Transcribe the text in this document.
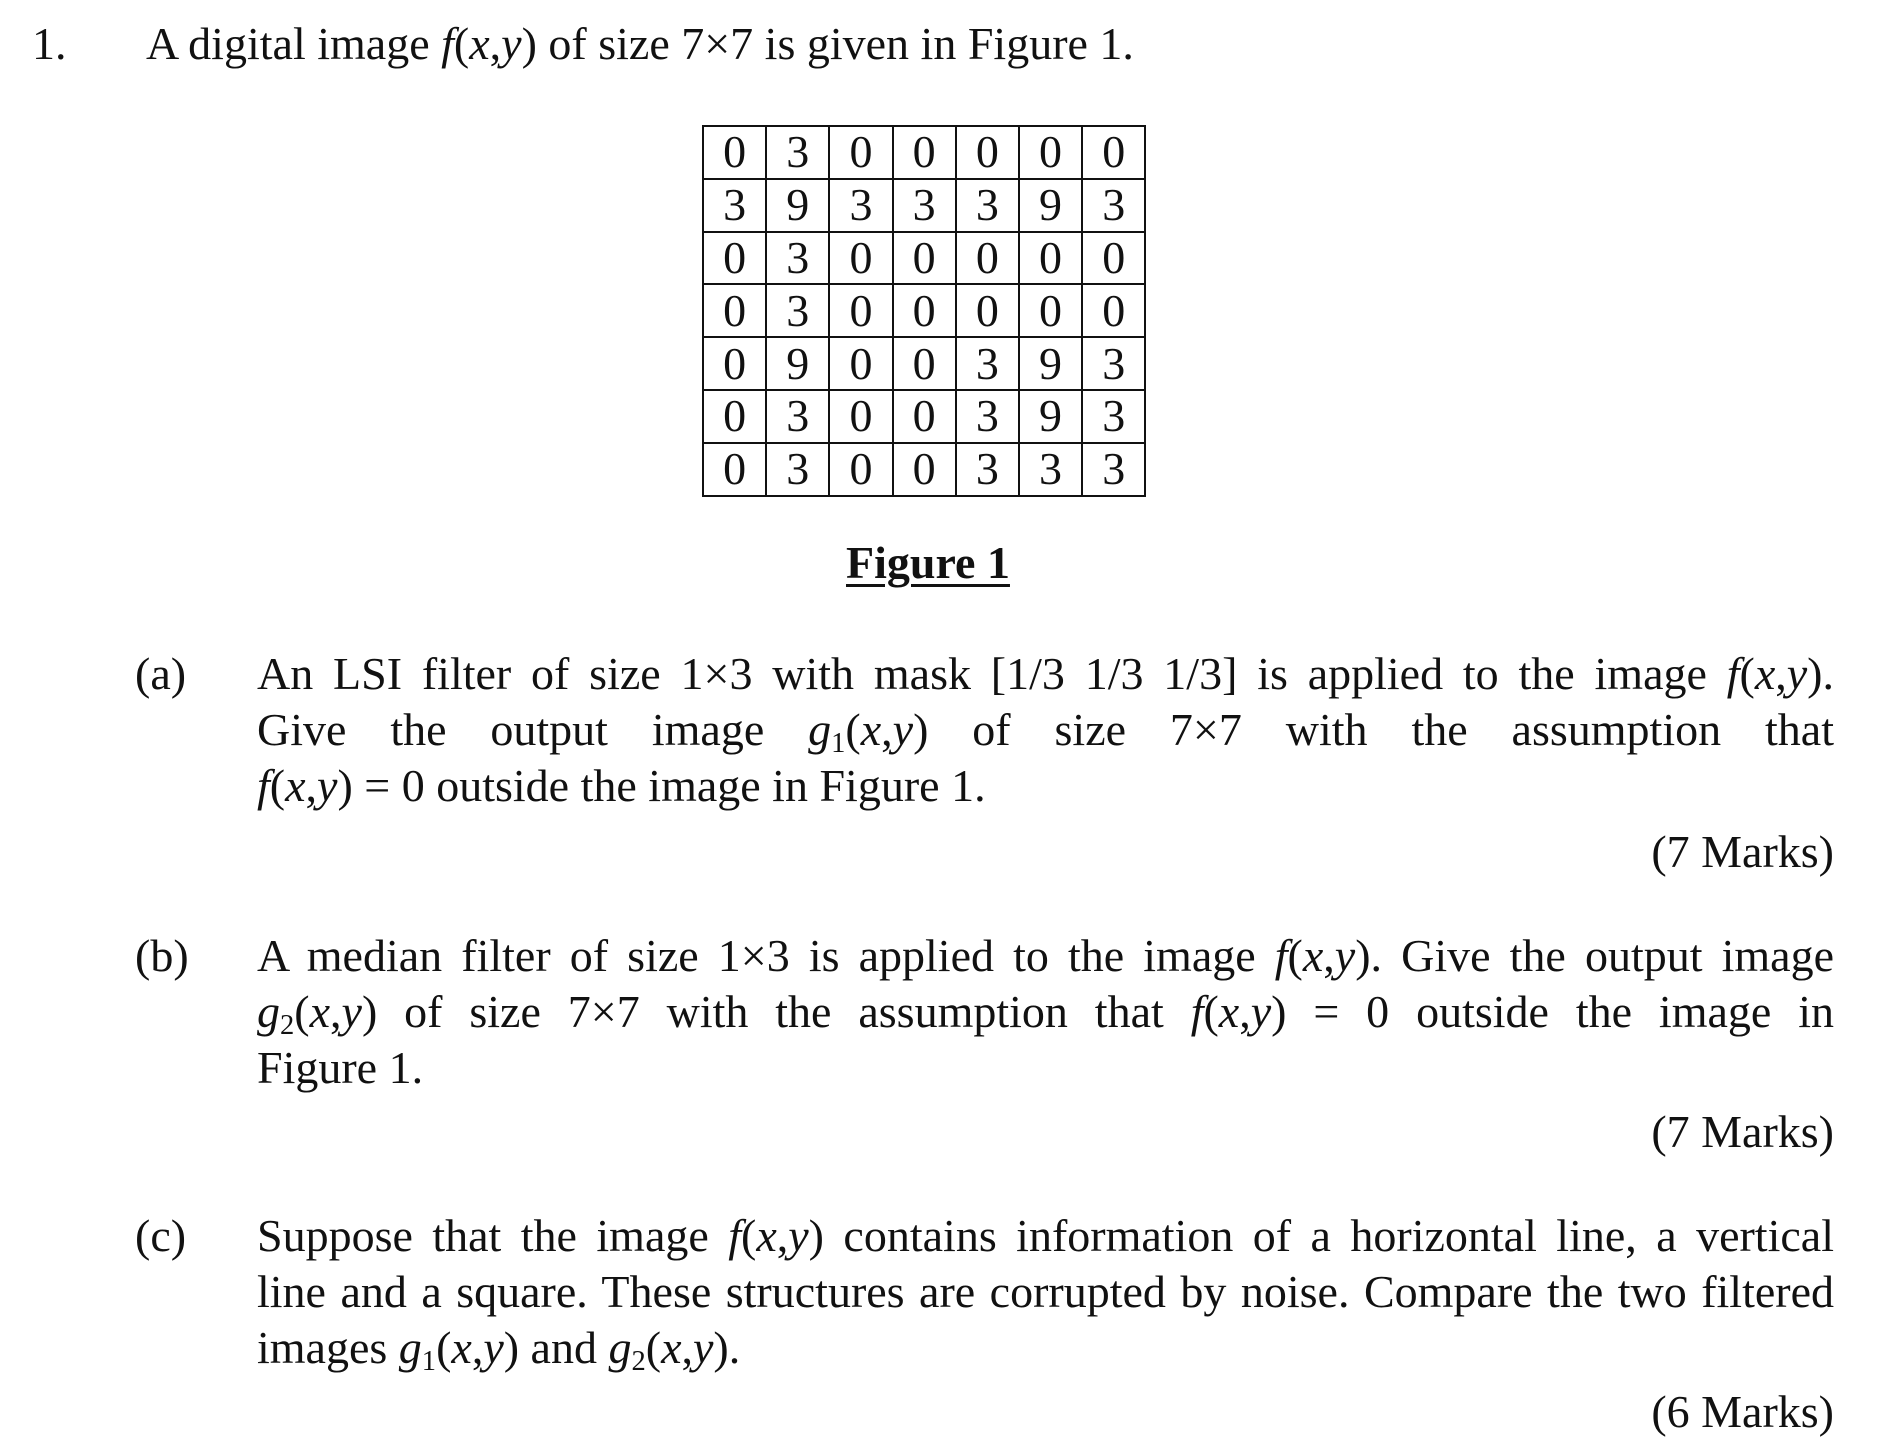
1. A digital image f(x,y) of size 7×7 is given in Figure 1.
0	3	0	0	0	0	0
3	9	3	3	3	9	3
0	3	0	0	0	0	0
0	3	0	0	0	0	0
0	9	0	0	3	9	3
0	3	0	0	3	9	3
0	3	0	0	3	3	3
Figure 1
(a) An LSI filter of size 1×3 with mask [1/3 1/3 1/3] is applied to the image f(x,y).
Give the output image $g_1(x,y)$ of size 7×7 with the assumption that
f(x,y) = 0 outside the image in Figure 1.
(7 Marks)
(b) A median filter of size 1×3 is applied to the image f(x,y). Give the output image
$g_2(x,y)$ of size 7×7 with the assumption that f(x,y) = 0 outside the image in
Figure 1.
(7 Marks)
(c) Suppose that the image f(x,y) contains information of a horizontal line, a vertical
line and a square. These structures are corrupted by noise. Compare the two filtered
images $g_1(x,y)$ and $g_2(x,y)$.
(6 Marks)
